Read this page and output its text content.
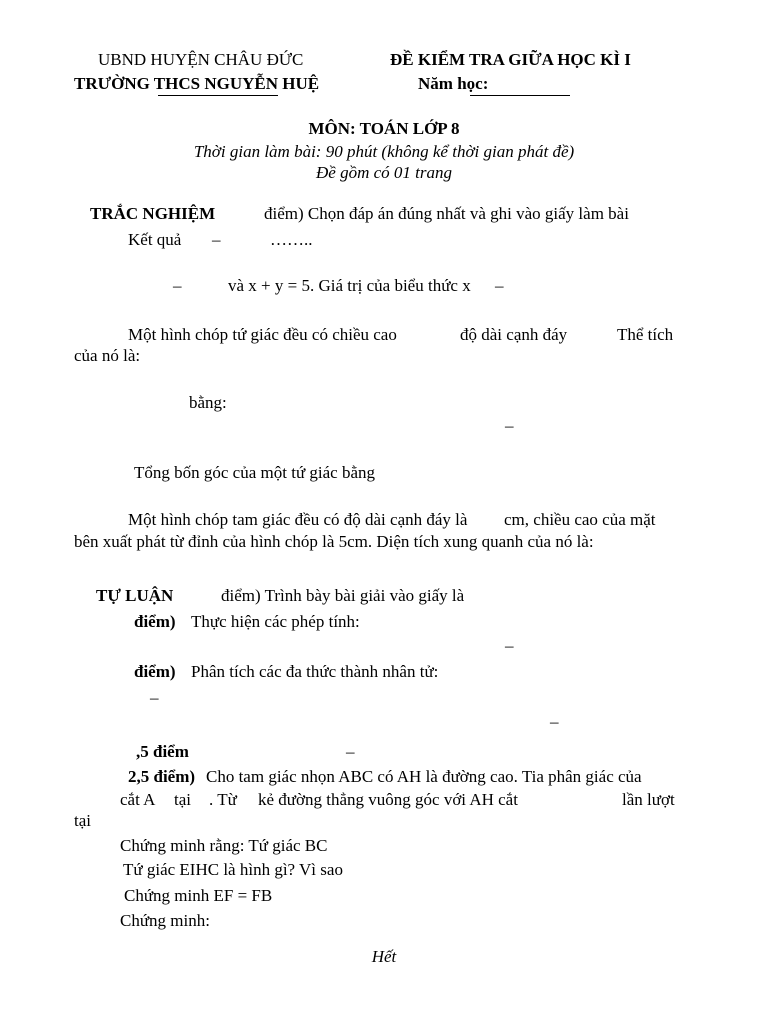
UBND HUYỆN CHÂU ĐỨC
TRƯỜNG THCS NGUYỄN HUỆ
ĐỀ KIỂM TRA GIỮA HỌC KÌ I
Năm học:
MÔN: TOÁN LỚP 8
Thời gian làm bài: 90 phút (không kể thời gian phát đề)
Đề gồm có 01 trang
TRẮC NGHIỆM	điểm) Chọn đáp án đúng nhất và ghi vào giấy làm bài
Kết quả –	……..
–	và x + y = 5. Giá trị của biểu thức x –
Một hình chóp tứ giác đều có chiều cao	độ dài cạnh đáy	Thể tích
của nó là:
bằng:
–
Tổng bốn góc của một tứ giác bằng
Một hình chóp tam giác đều có độ dài cạnh đáy là cm, chiều cao của mặt
bên xuất phát từ đỉnh của hình chóp là 5cm. Diện tích xung quanh của nó là:
TỰ LUẬN	điểm) Trình bày bài giải vào giấy là
điểm) Thực hiện các phép tính:
–
điểm) Phân tích các đa thức thành nhân tử:
–
–
,5 điểm	–
2,5 điểm) Cho tam giác nhọn ABC có AH là đường cao. Tia phân giác của
cắt A tại . Từ kẻ đường thẳng vuông góc với AH cắt	lần lượt
tại
Chứng minh rằng: Tứ giác BC
Tứ giác EIHC là hình gì? Vì sao
Chứng minh EF = FB
Chứng minh:
Hết
